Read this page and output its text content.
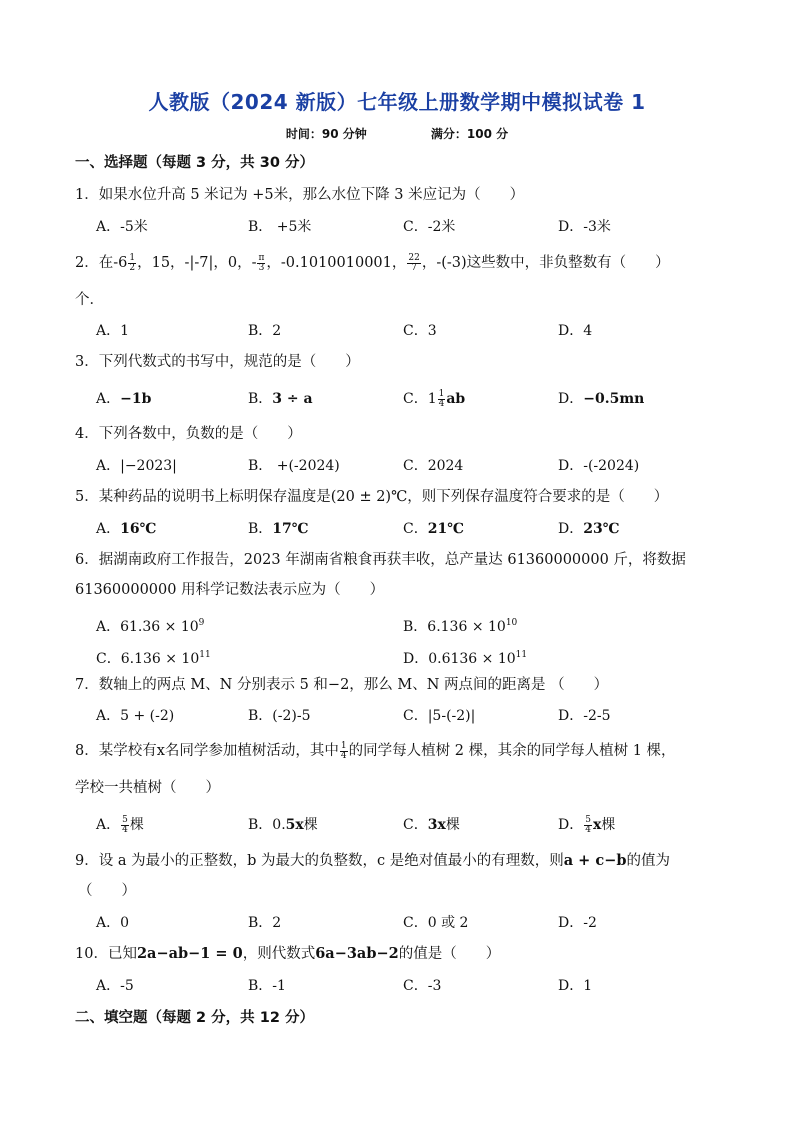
人教版（2024 新版）七年级上册数学期中模拟试卷 1
时间：90 分钟	满分：100 分
一、选择题（每题 3 分，共 30 分）
1．如果水位升高 5 米记为 +5米，那么水位下降 3 米应记为（　　）
A．-5米	B． +5米	C．-2米	D．-3米
2．在$-6 \frac{1}{2}$ ，15，-|-7|，0，- $\frac{\pi}{3}$ ，-0.1010010001， $\frac{22}{7}$ ，-(-3)这些数中，非负整数有（　　）
个．
A．1	B．2	C．3	D．4
3．下列代数式的书写中，规范的是（　　）
A．−1b	B．3 ÷ a	C．$1 \frac{1}{4}$ ab	D．−0.5mn
4．下列各数中，负数的是（　　）
A．|−2023|	B． +(-2024)	C．2024	D．-(-2024)
5．某种药品的说明书上标明保存温度是(20 ± 2)℃，则下列保存温度符合要求的是（　　）
A．16℃	B．17℃	C．21℃	D．23℃
6．据湖南政府工作报告，2023 年湖南省粮食再获丰收，总产量达 61360000000 斤，将数据
61360000000 用科学记数法表示应为（　　）
A．$61.36 \times 10^9$	B．$6.136 \times 10^{10}$
C．$6.136 \times 10^{11}$	D．$0.6136 \times 10^{11}$
7．数轴上的两点 M、N 分别表示 5 和−2，那么 M、N 两点间的距离是 （　　）
A．5 + (-2)	B．(-2)-5	C．|5-(-2)|	D．-2-5
8．某学校有x名同学参加植树活动，其中 $\frac{1}{4}$ 的同学每人植树 2 棵，其余的同学每人植树 1 棵，
学校一共植树（　　）
A． $\frac{5}{4}$ 棵	B．0.5x棵	C．3x棵	D． $\frac{5}{4}$ x棵
9．设 a 为最小的正整数，b 为最大的负整数，c 是绝对值最小的有理数，则a + c−b的值为
（　　）
A．0	B．2	C．0 或 2	D．-2
10．已知2a−ab−1 = 0，则代数式6a−3ab−2的值是（　　）
A．-5	B．-1	C．-3	D．1
二、填空题（每题 2 分，共 12 分）
